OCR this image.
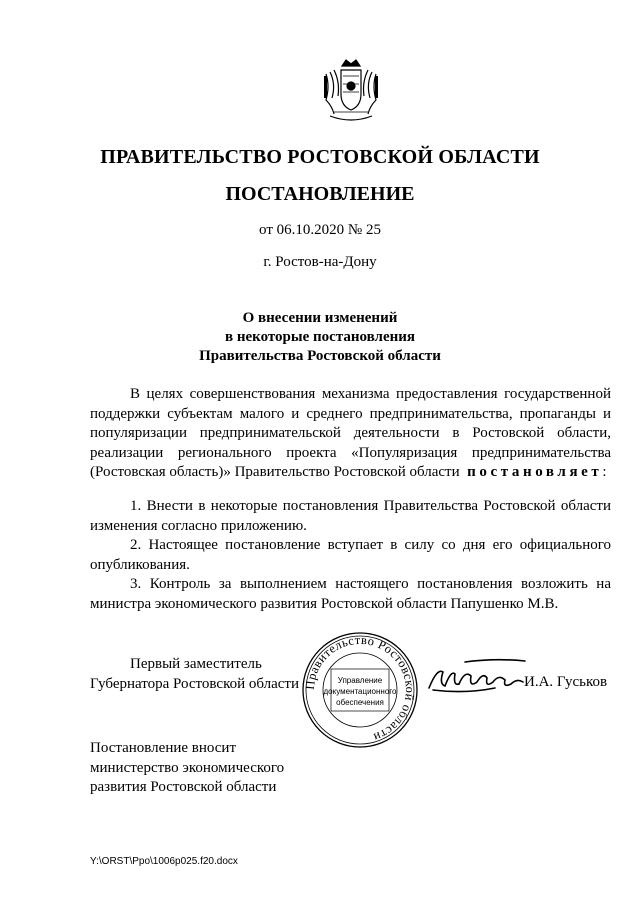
ПРАВИТЕЛЬСТВО РОСТОВСКОЙ ОБЛАСТИ
ПОСТАНОВЛЕНИЕ
от 06.10.2020 № 25
г. Ростов-на-Дону
О внесении изменений
в некоторые постановления
Правительства Ростовской области

В целях совершенствования механизма предоставления государственной поддержки субъектам малого и среднего предпринимательства, пропаганды и популяризации предпринимательской деятельности в Ростовской области, реализации регионального проекта «Популяризация предпринимательства (Ростовская область)» Правительство Ростовской области постановляет:

1. Внести в некоторые постановления Правительства Ростовской области изменения согласно приложению.

2. Настоящее постановление вступает в силу со дня его официального опубликования.

3. Контроль за выполнением настоящего постановления возложить на министра экономического развития Ростовской области Папушенко М.В.

Первый заместитель
Губернатора Ростовской области Правительство Ростовской области
Управление
документационного
обеспечения
И.А. Гуськов
Постановление вносит
министерство экономического
развития Ростовской области
Y:\ORST\Ppo\1006p025.f20.docx
